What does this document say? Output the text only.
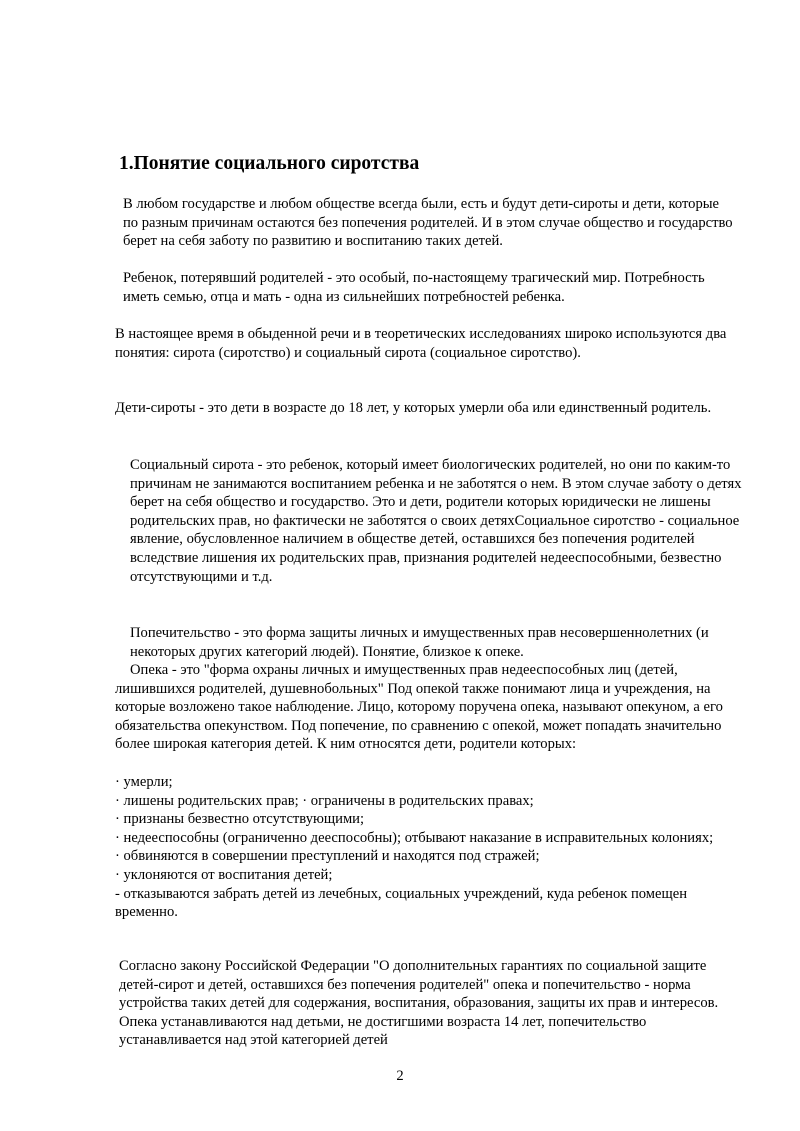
1.Понятие социального сиротства

В любом государстве и любом обществе всегда были, есть и будут дети-сироты и дети, которые по разным причинам остаются без попечения родителей. И в этом случае общество и государство берет на себя заботу по развитию и воспитанию таких детей.

Ребенок, потерявший родителей - это особый, по-настоящему трагический мир. Потребность иметь семью, отца и мать - одна из сильнейших потребностей ребенка.

В настоящее время в обыденной речи и в теоретических исследованиях широко используются два понятия: сирота (сиротство) и социальный сирота (социальное сиротство).

Дети-сироты - это дети в возрасте до 18 лет, у которых умерли оба или единственный родитель.

Социальный сирота - это ребенок, который имеет биологических родителей, но они по каким-то причинам не занимаются воспитанием ребенка и не заботятся о нем. В этом случае заботу о детях берет на себя общество и государство. Это и дети, родители которых юридически не лишены родительских прав, но фактически не заботятся о своих детяхСоциальное сиротство - социальное явление, обусловленное наличием в обществе детей, оставшихся без попечения родителей вследствие лишения их родительских прав, признания родителей недееспособными, безвестно отсутствующими и т.д.

Попечительство - это форма защиты личных и имущественных прав несовершеннолетних (и некоторых других категорий людей). Понятие, близкое к опеке.

Опека - это "форма охраны личных и имущественных прав недееспособных лиц (детей, лишившихся родителей, душевнобольных" Под опекой также понимают лица и учреждения, на которые возложено такое наблюдение. Лицо, которому поручена опека, называют опекуном, а его обязательства опекунством. Под попечение, по сравнению с опекой, может попадать значительно более широкая категория детей. К ним относятся дети, родители которых:

· умерли;
· лишены родительских прав; · ограничены в родительских правах;
· признаны безвестно отсутствующими;
· недееспособны (ограниченно дееспособны); отбывают наказание в исправительных колониях;
· обвиняются в совершении преступлений и находятся под стражей;
· уклоняются от воспитания детей;
- отказываются забрать детей из лечебных, социальных учреждений, куда ребенок помещен временно.

Согласно закону Российской Федерации "О дополнительных гарантиях по социальной защите детей-сирот и детей, оставшихся без попечения родителей" опека и попечительство - норма устройства таких детей для содержания, воспитания, образования, защиты их прав и интересов. Опека устанавливаются над детьми, не достигшими возраста 14 лет, попечительство устанавливается над этой категорией детей

2
